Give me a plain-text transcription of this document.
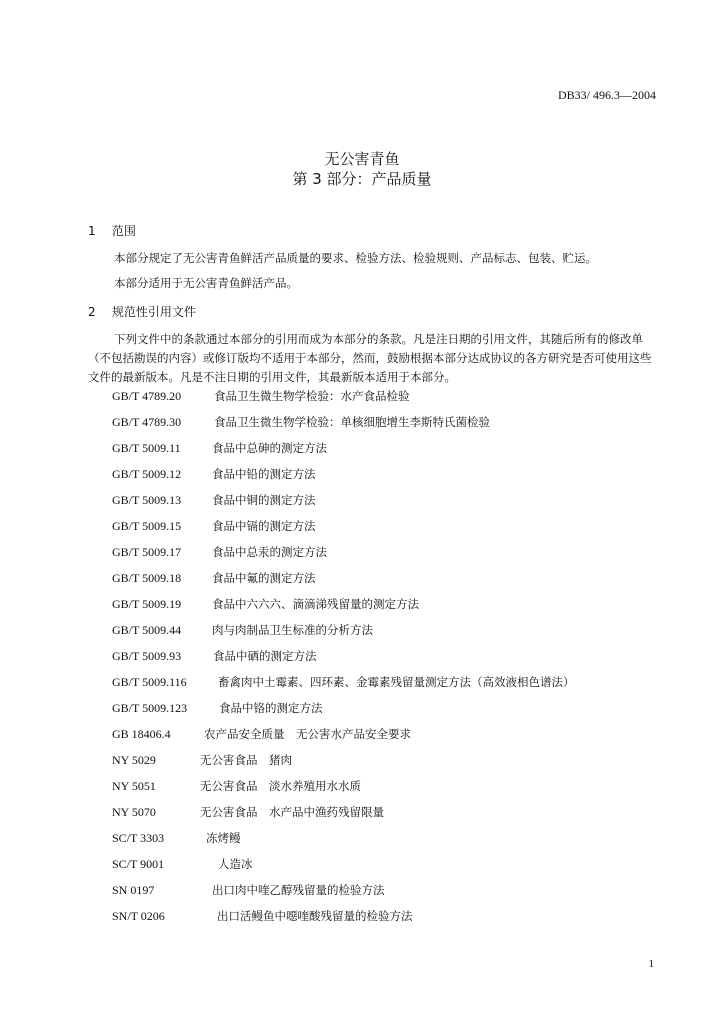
DB33/ 496.3—2004
无公害青鱼
第 3 部分：产品质量
1 范围
本部分规定了无公害青鱼鲜活产品质量的要求、检验方法、检验规则、产品标志、包装、贮运。
本部分适用于无公害青鱼鲜活产品。
2 规范性引用文件
下列文件中的条款通过本部分的引用而成为本部分的条款。凡是注日期的引用文件，其随后所有的修改单（不包括勘误的内容）或修订版均不适用于本部分，然而，鼓励根据本部分达成协议的各方研究是否可使用这些文件的最新版本。凡是不注日期的引用文件，其最新版本适用于本部分。
GB/T 4789.20	食品卫生微生物学检验：水产食品检验
GB/T 4789.30	食品卫生微生物学检验：单核细胞增生李斯特氏菌检验
GB/T 5009.11	食品中总砷的测定方法
GB/T 5009.12	食品中铅的测定方法
GB/T 5009.13	食品中铜的测定方法
GB/T 5009.15	食品中镉的测定方法
GB/T 5009.17	食品中总汞的测定方法
GB/T 5009.18	食品中氟的测定方法
GB/T 5009.19	食品中六六六、滴滴涕残留量的测定方法
GB/T 5009.44	肉与肉制品卫生标准的分析方法
GB/T 5009.93	食品中硒的测定方法
GB/T 5009.116	畜禽肉中土霉素、四环素、金霉素残留量测定方法（高效液相色谱法）
GB/T 5009.123	食品中铬的测定方法
GB 18406.4	农产品安全质量　无公害水产品安全要求
NY 5029	无公害食品　猪肉
NY 5051	无公害食品　淡水养殖用水水质
NY 5070	无公害食品　水产品中渔药残留限量
SC/T 3303	冻烤鳗
SC/T 9001	人造冰
SN 0197	出口肉中喹乙醇残留量的检验方法
SN/T 0206	出口活鳗鱼中噁喹酸残留量的检验方法
1
